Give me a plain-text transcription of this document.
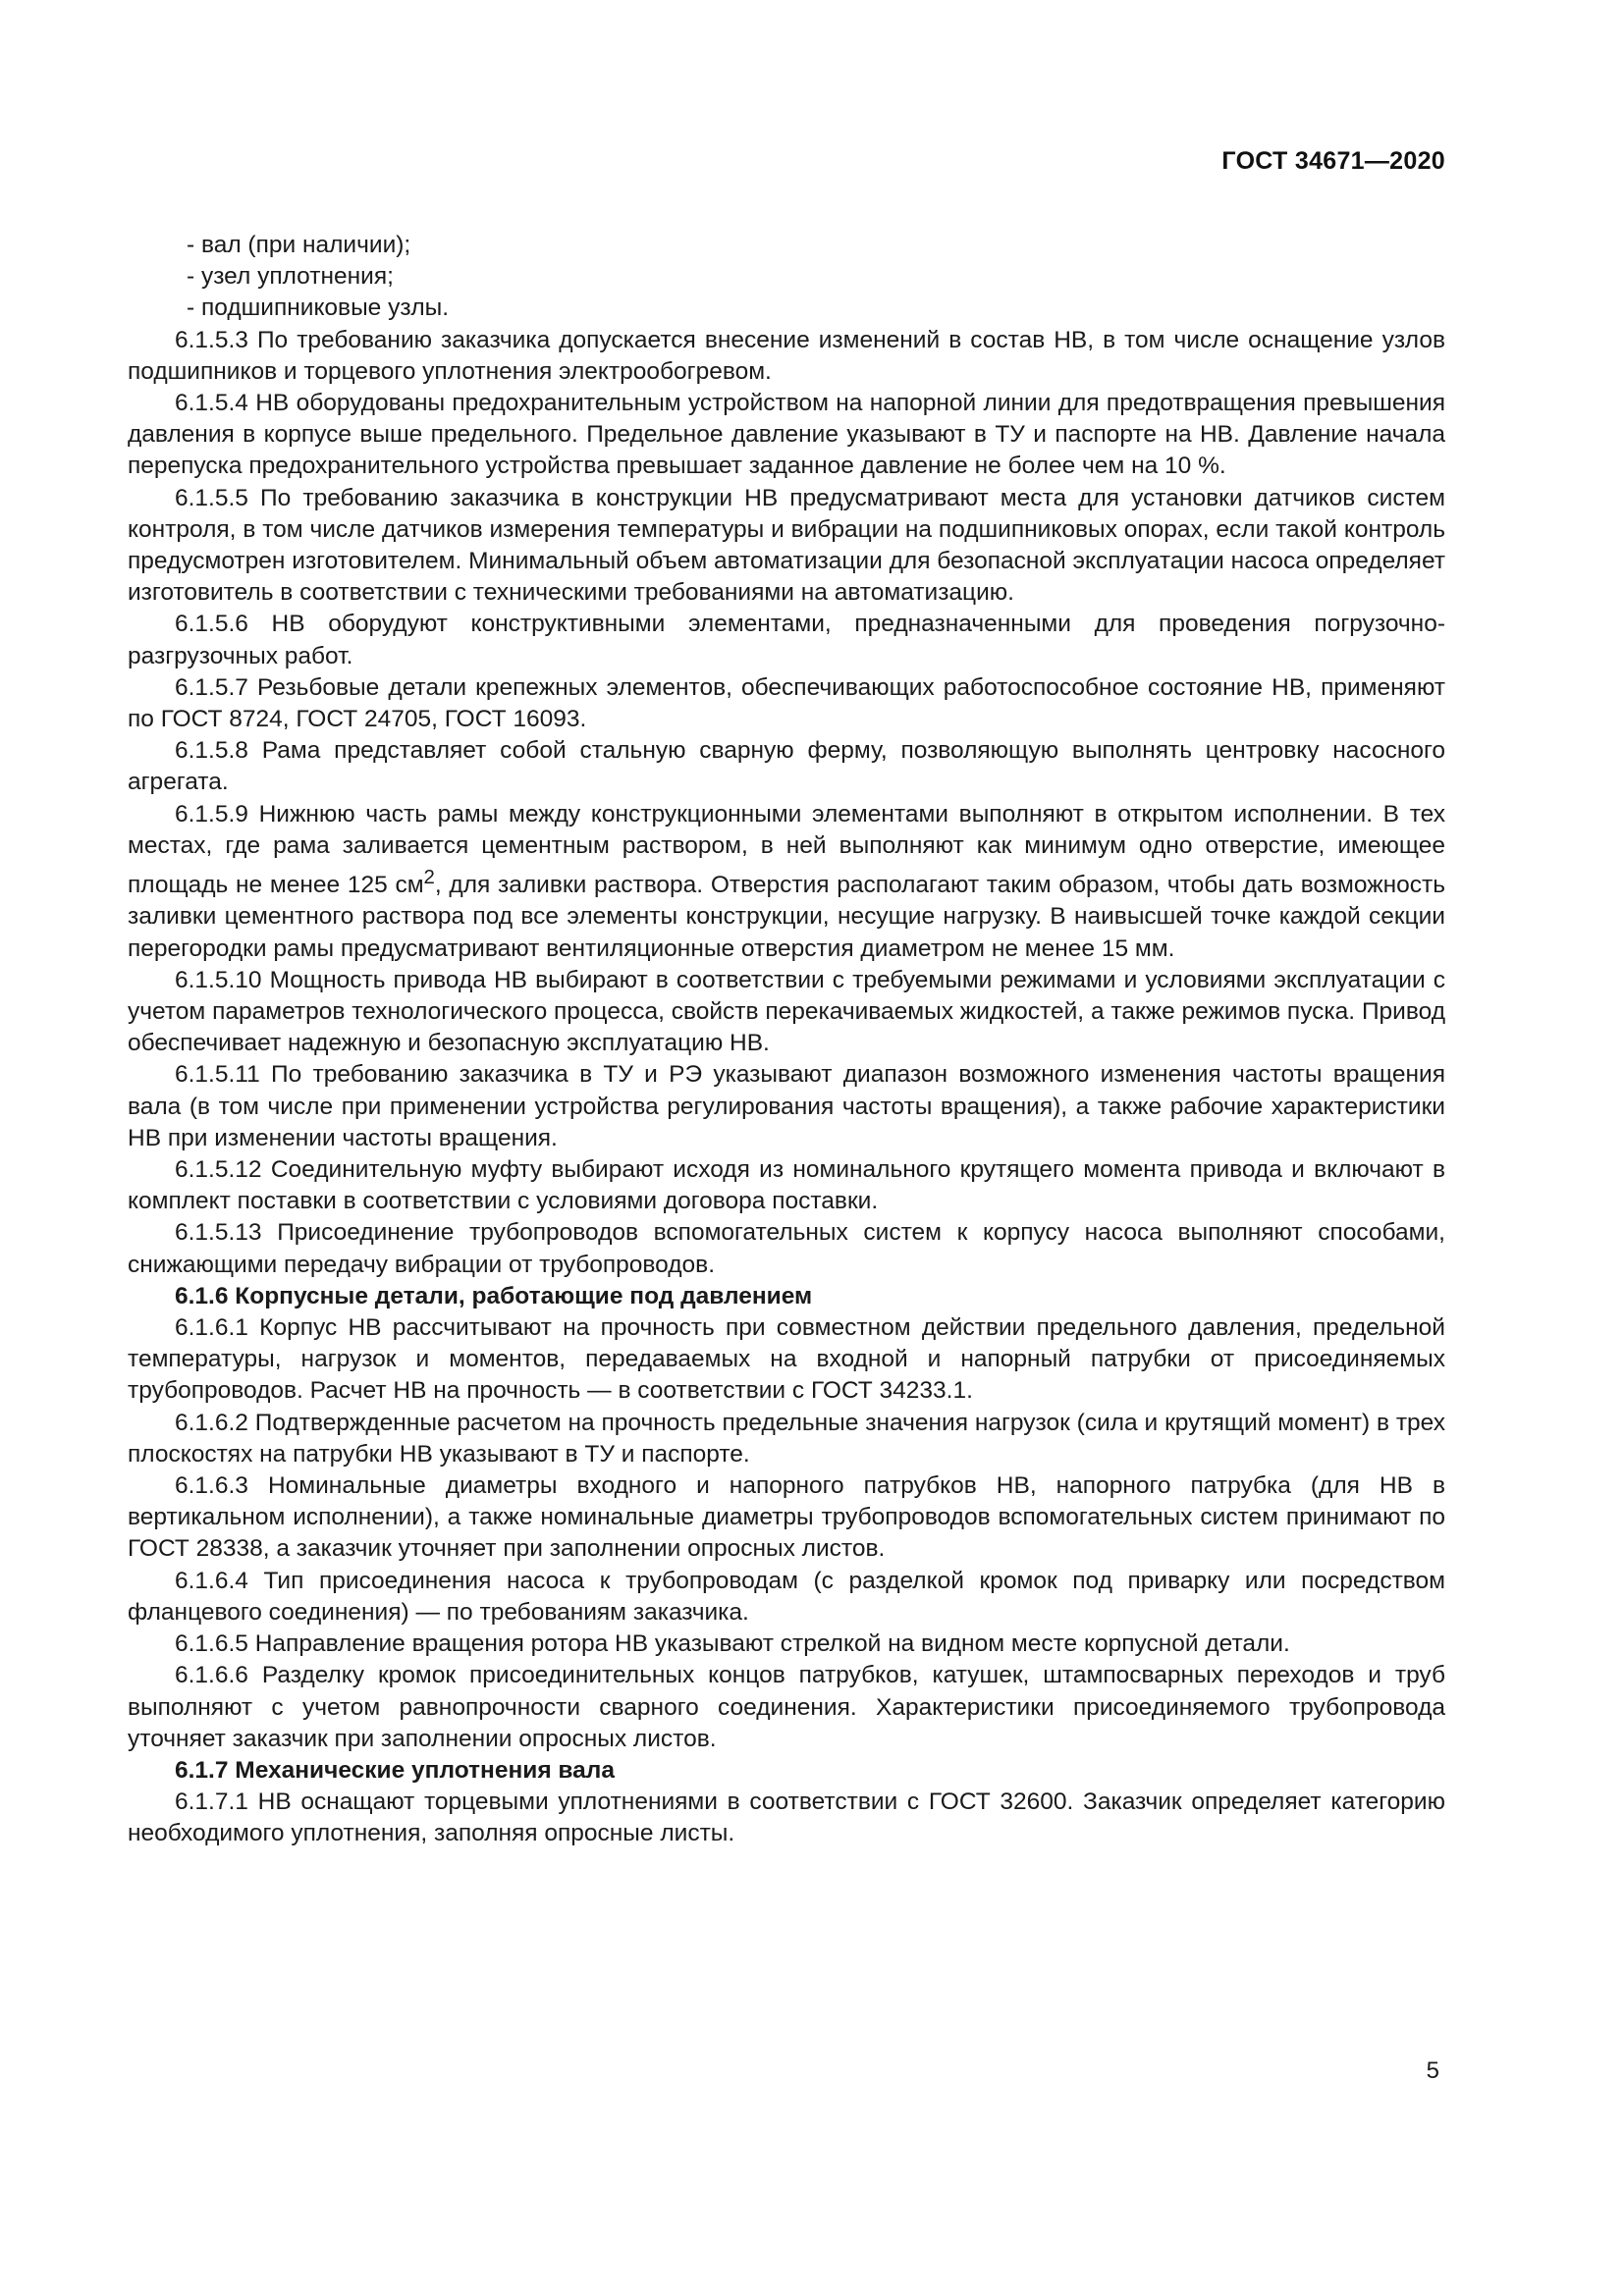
ГОСТ 34671—2020

- вал (при наличии);

- узел уплотнения;

- подшипниковые узлы.

6.1.5.3 По требованию заказчика допускается внесение изменений в состав НВ, в том числе оснащение узлов подшипников и торцевого уплотнения электрообогревом.

6.1.5.4 НВ оборудованы предохранительным устройством на напорной линии для предотвращения превышения давления в корпусе выше предельного. Предельное давление указывают в ТУ и паспорте на НВ. Давление начала перепуска предохранительного устройства превышает заданное давление не более чем на 10 %.

6.1.5.5 По требованию заказчика в конструкции НВ предусматривают места для установки датчиков систем контроля, в том числе датчиков измерения температуры и вибрации на подшипниковых опорах, если такой контроль предусмотрен изготовителем. Минимальный объем автоматизации для безопасной эксплуатации насоса определяет изготовитель в соответствии с техническими требованиями на автоматизацию.

6.1.5.6 НВ оборудуют конструктивными элементами, предназначенными для проведения погрузочно-разгрузочных работ.

6.1.5.7 Резьбовые детали крепежных элементов, обеспечивающих работоспособное состояние НВ, применяют по ГОСТ 8724, ГОСТ 24705, ГОСТ 16093.

6.1.5.8 Рама представляет собой стальную сварную ферму, позволяющую выполнять центровку насосного агрегата.

6.1.5.9 Нижнюю часть рамы между конструкционными элементами выполняют в открытом исполнении. В тех местах, где рама заливается цементным раствором, в ней выполняют как минимум одно отверстие, имеющее площадь не менее 125 $см^2$, для заливки раствора. Отверстия располагают таким образом, чтобы дать возможность заливки цементного раствора под все элементы конструкции, несущие нагрузку. В наивысшей точке каждой секции перегородки рамы предусматривают вентиляционные отверстия диаметром не менее 15 мм.

6.1.5.10 Мощность привода НВ выбирают в соответствии с требуемыми режимами и условиями эксплуатации с учетом параметров технологического процесса, свойств перекачиваемых жидкостей, а также режимов пуска. Привод обеспечивает надежную и безопасную эксплуатацию НВ.

6.1.5.11 По требованию заказчика в ТУ и РЭ указывают диапазон возможного изменения частоты вращения вала (в том числе при применении устройства регулирования частоты вращения), а также рабочие характеристики НВ при изменении частоты вращения.

6.1.5.12 Соединительную муфту выбирают исходя из номинального крутящего момента привода и включают в комплект поставки в соответствии с условиями договора поставки.

6.1.5.13 Присоединение трубопроводов вспомогательных систем к корпусу насоса выполняют способами, снижающими передачу вибрации от трубопроводов.

6.1.6 Корпусные детали, работающие под давлением

6.1.6.1 Корпус НВ рассчитывают на прочность при совместном действии предельного давления, предельной температуры, нагрузок и моментов, передаваемых на входной и напорный патрубки от присоединяемых трубопроводов. Расчет НВ на прочность — в соответствии с ГОСТ 34233.1.

6.1.6.2 Подтвержденные расчетом на прочность предельные значения нагрузок (сила и крутящий момент) в трех плоскостях на патрубки НВ указывают в ТУ и паспорте.

6.1.6.3 Номинальные диаметры входного и напорного патрубков НВ, напорного патрубка (для НВ в вертикальном исполнении), а также номинальные диаметры трубопроводов вспомогательных систем принимают по ГОСТ 28338, а заказчик уточняет при заполнении опросных листов.

6.1.6.4 Тип присоединения насоса к трубопроводам (с разделкой кромок под приварку или посредством фланцевого соединения) — по требованиям заказчика.

6.1.6.5 Направление вращения ротора НВ указывают стрелкой на видном месте корпусной детали.

6.1.6.6 Разделку кромок присоединительных концов патрубков, катушек, штампосварных переходов и труб выполняют с учетом равнопрочности сварного соединения. Характеристики присоединяемого трубопровода уточняет заказчик при заполнении опросных листов.

6.1.7 Механические уплотнения вала

6.1.7.1 НВ оснащают торцевыми уплотнениями в соответствии с ГОСТ 32600. Заказчик определяет категорию необходимого уплотнения, заполняя опросные листы.

5
